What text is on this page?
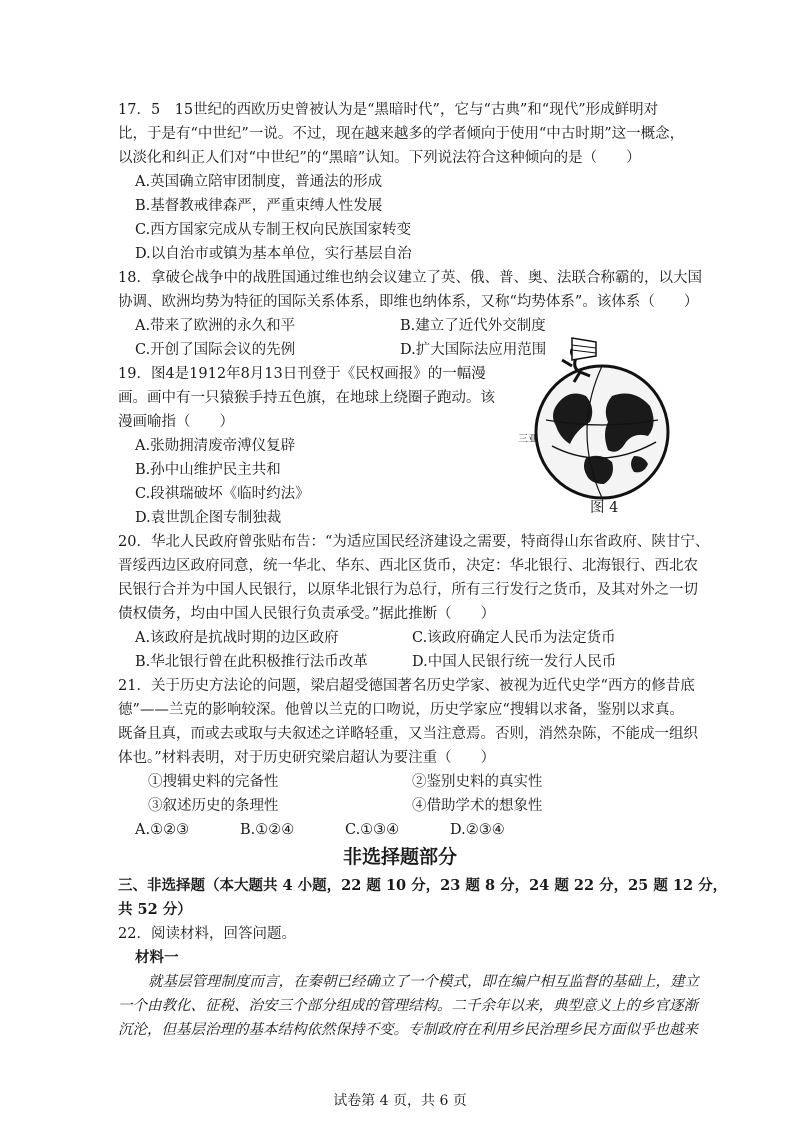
17．5　15世纪的西欧历史曾被认为是“黑暗时代”，它与“古典”和“现代”形成鲜明对
比，于是有“中世纪”一说。不过，现在越来越多的学者倾向于使用“中古时期”这一概念，
以淡化和纠正人们对“中世纪”的“黑暗”认知。下列说法符合这种倾向的是（　　）
A.英国确立陪审团制度，普通法的形成
B.基督教戒律森严，严重束缚人性发展
C.西方国家完成从专制王权向民族国家转变
D.以自治市或镇为基本单位，实行基层自治
18．拿破仑战争中的战胜国通过维也纳会议建立了英、俄、普、奥、法联合称霸的，以大国
协调、欧洲均势为特征的国际关系体系，即维也纳体系，又称“均势体系”。该体系（　　）
A.带来了欧洲的永久和平	B.建立了近代外交制度
C.开创了国际会议的先例	D.扩大国际法应用范围
19．图4是1912年8月13日刊登于《民权画报》的一幅漫
画。画中有一只猿猴手持五色旗，在地球上绕圈子跑动。该
漫画喻指（　　）
A.张勋拥清废帝溥仪复辟
B.孙中山维护民主共和
C.段祺瑞破坏《临时约法》
D.袁世凯企图专制独裁
三亚
图 4
20．华北人民政府曾张贴布告：“为适应国民经济建设之需要，特商得山东省政府、陕甘宁、
晋绥西边区政府同意，统一华北、华东、西北区货币，决定：华北银行、北海银行、西北农
民银行合并为中国人民银行，以原华北银行为总行，所有三行发行之货币，及其对外之一切
债权债务，均由中国人民银行负责承受。”据此推断（　　）
A.该政府是抗战时期的边区政府	C.该政府确定人民币为法定货币
B.华北银行曾在此积极推行法币改革	D.中国人民银行统一发行人民币
21．关于历史方法论的问题，梁启超受德国著名历史学家、被视为近代史学“西方的修昔底
德”——兰克的影响较深。他曾以兰克的口吻说，历史学家应“搜辑以求备，鉴别以求真。
既备且真，而或去或取与夫叙述之详略轻重，又当注意焉。否则，消然杂陈，不能成一组织
体也。”材料表明，对于历史研究梁启超认为要注重（　　）
①搜辑史料的完备性	②鉴别史料的真实性
③叙述历史的条理性	④借助学术的想象性
A.①②③	B.①②④	C.①③④	D.②③④
非选择题部分
三、非选择题（本大题共 4 小题，22 题 10 分，23 题 8 分，24 题 22 分，25 题 12 分，
共 52 分）
22．阅读材料，回答问题。
材料一
就基层管理制度而言，在秦朝已经确立了一个模式，即在编户相互监督的基础上，建立
一个由教化、征税、治安三个部分组成的管理结构。二千余年以来，典型意义上的乡官逐渐
沉沦，但基层治理的基本结构依然保持不变。专制政府在利用乡民治理乡民方面似乎也越来
试卷第 4 页，共 6 页
